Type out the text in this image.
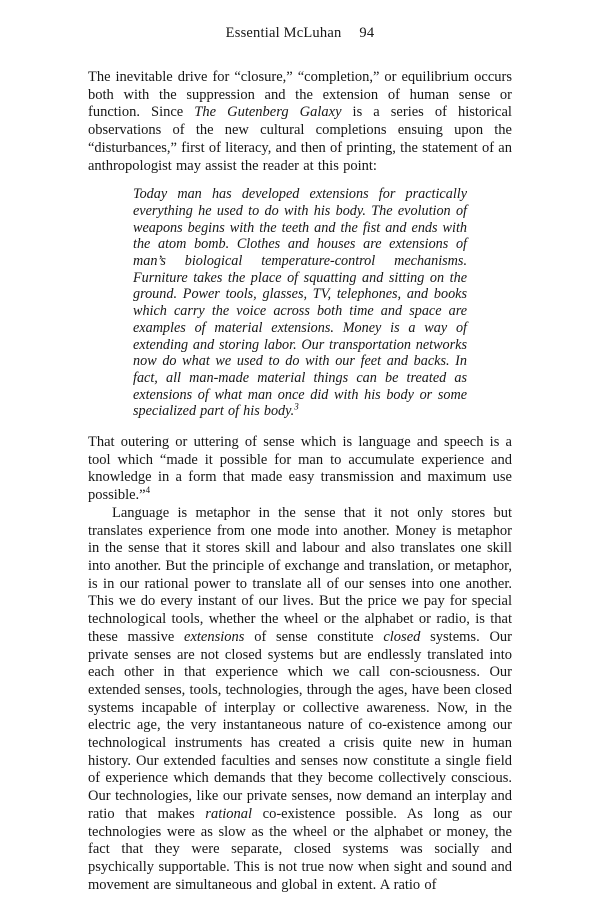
Essential McLuhan 94

The inevitable drive for “closure,” “completion,” or equilibrium occurs both with the suppression and the extension of human sense or function. Since The Gutenberg Galaxy is a series of historical observations of the new cultural completions ensuing upon the “disturbances,” first of literacy, and then of printing, the statement of an anthropologist may assist the reader at this point:

Today man has developed extensions for practically everything he used to do with his body. The evolution of weapons begins with the teeth and the fist and ends with the atom bomb. Clothes and houses are extensions of man’s biological temperature-control mechanisms. Furniture takes the place of squatting and sitting on the ground. Power tools, glasses, TV, telephones, and books which carry the voice across both time and space are examples of material extensions. Money is a way of extending and storing labor. Our transportation networks now do what we used to do with our feet and backs. In fact, all man-made material things can be treated as extensions of what man once did with his body or some specialized part of his body.$^3$

That outering or uttering of sense which is language and speech is a tool which “made it possible for man to accumulate experience and knowledge in a form that made easy transmission and maximum use possible.”$^4$

Language is metaphor in the sense that it not only stores but translates experience from one mode into another. Money is metaphor in the sense that it stores skill and labour and also translates one skill into another. But the principle of exchange and translation, or metaphor, is in our rational power to translate all of our senses into one another. This we do every instant of our lives. But the price we pay for special technological tools, whether the wheel or the alphabet or radio, is that these massive extensions of sense constitute closed systems. Our private senses are not closed systems but are endlessly translated into each other in that experience which we call con-sciousness. Our extended senses, tools, technologies, through the ages, have been closed systems incapable of interplay or collective awareness. Now, in the electric age, the very instantaneous nature of co-existence among our technological instruments has created a crisis quite new in human history. Our extended faculties and senses now constitute a single field of experience which demands that they become collectively conscious. Our technologies, like our private senses, now demand an interplay and ratio that makes rational co-existence possible. As long as our technologies were as slow as the wheel or the alphabet or money, the fact that they were separate, closed systems was socially and psychically supportable. This is not true now when sight and sound and movement are simultaneous and global in extent. A ratio of
